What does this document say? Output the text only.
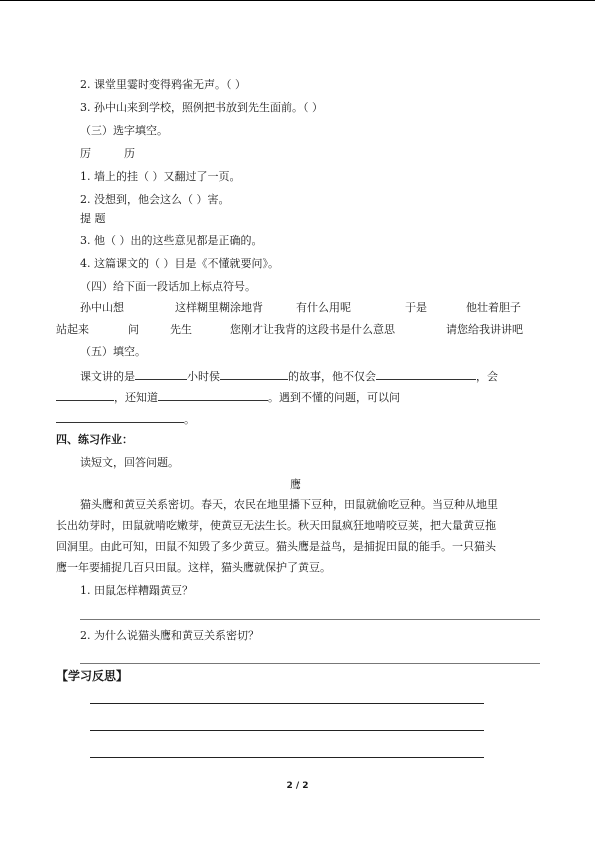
2. 课堂里霎时变得鸦雀无声。（ ）
3. 孙中山来到学校，照例把书放到先生面前。（ ）
（三）选字填空。
厉	历
1. 墙上的挂（ ）又翻过了一页。
2. 没想到，他会这么（ ）害。
提 题
3. 他（ ）出的这些意见都是正确的。
4. 这篇课文的（ ）目是《不懂就要问》。
（四）给下面一段话加上标点符号。
孙中山想	这样糊里糊涂地背	有什么用呢	于是	他壮着胆子
站起来	问	先生	您刚才让我背的这段书是什么意思	请您给我讲讲吧
（五）填空。
课文讲的是	小时侯	的故事，他不仅会	，会
，还知道	。遇到不懂的问题，可以问
。
四、练习作业：
读短文，回答问题。
鹰
猫头鹰和黄豆关系密切。春天，农民在地里播下豆种，田鼠就偷吃豆种。当豆种从地里
长出幼芽时，田鼠就啃吃嫩芽，使黄豆无法生长。秋天田鼠疯狂地啃咬豆荚，把大量黄豆拖
回洞里。由此可知，田鼠不知毁了多少黄豆。猫头鹰是益鸟，是捕捉田鼠的能手。一只猫头
鹰一年要捕捉几百只田鼠。这样，猫头鹰就保护了黄豆。
1. 田鼠怎样糟蹋黄豆？
2. 为什么说猫头鹰和黄豆关系密切？
【学习反思】
2 / 2
